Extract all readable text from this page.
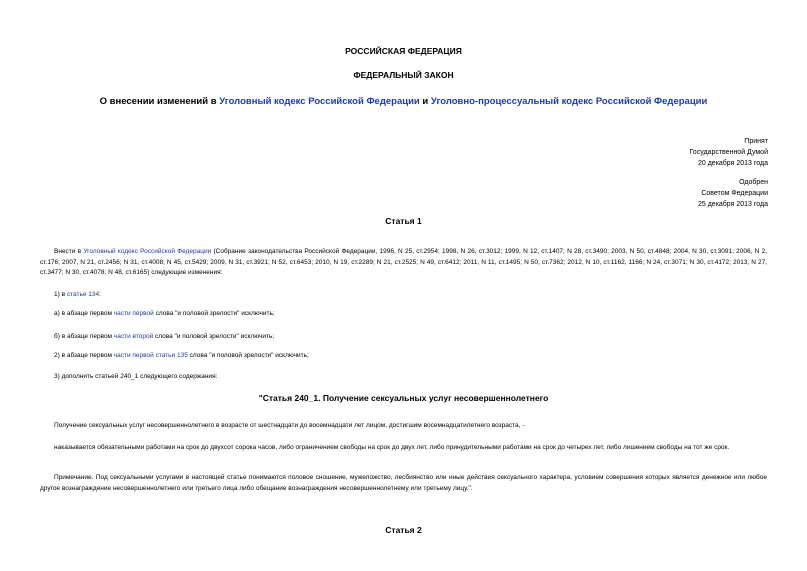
РОССИЙСКАЯ ФЕДЕРАЦИЯ
ФЕДЕРАЛЬНЫЙ ЗАКОН
О внесении изменений в Уголовный кодекс Российской Федерации и Уголовно-процессуальный кодекс Российской Федерации
Принят
Государственной Думой
20 декабря 2013 года
Одобрен
Советом Федерации
25 декабря 2013 года
Статья 1
Внести в Уголовный кодекс Российской Федерации (Собрание законодательства Российской Федерации, 1996, N 25, ст.2954; 1998, N 26, ст.3012; 1999, N 12, ст.1407; N 28, ст.3490; 2003, N 50, ст.4848; 2004, N 30, ст.3091; 2006, N 2, ст.176; 2007, N 21, ст.2456; N 31, ст.4008; N 45, ст.5429; 2009, N 31, ст.3921; N 52, ст.6453; 2010, N 19, ст.2289; N 21, ст.2525; N 49, ст.6412; 2011, N 11, ст.1495; N 50, ст.7362; 2012, N 10, ст.1162, 1166; N 24, ст.3071; N 30, ст.4172; 2013, N 27, ст.3477; N 30, ст.4078; N 48, ст.6165) следующие изменения:
1) в статье 134:
а) в абзаце первом части первой слова "и половой зрелости" исключить;
б) в абзаце первом части второй слова "и половой зрелости" исключить;
2) в абзаце первом части первой статьи 135 слова "и половой зрелости" исключить;
3) дополнить статьей 240_1 следующего содержания:
"Статья 240_1. Получение сексуальных услуг несовершеннолетнего
Получение сексуальных услуг несовершеннолетнего в возрасте от шестнадцати до восемнадцати лет лицом, достигшим восемнадцатилетнего возраста, -
наказывается обязательными работами на срок до двухсот сорока часов, либо ограничением свободы на срок до двух лет, либо принудительными работами на срок до четырех лет, либо лишением свободы на тот же срок.
Примечание. Под сексуальными услугами в настоящей статье понимаются половое сношение, мужеложство, лесбиянство или иные действия сексуального характера, условием совершения которых является денежное или любое другое вознаграждение несовершеннолетнего или третьего лица либо обещание вознаграждения несовершеннолетнему или третьему лицу.".
Статья 2
